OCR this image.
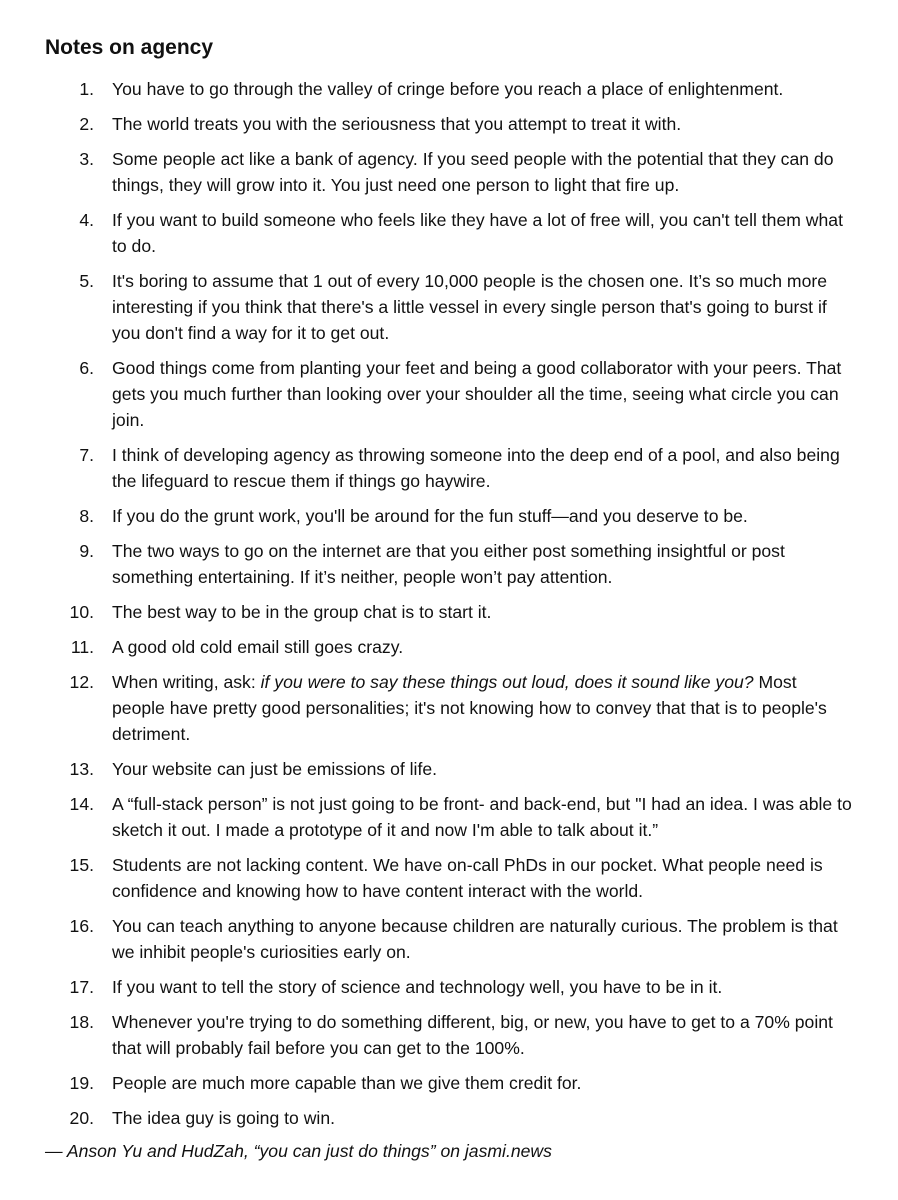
Notes on agency
1. You have to go through the valley of cringe before you reach a place of enlightenment.
2. The world treats you with the seriousness that you attempt to treat it with.
3. Some people act like a bank of agency. If you seed people with the potential that they can do things, they will grow into it. You just need one person to light that fire up.
4. If you want to build someone who feels like they have a lot of free will, you can't tell them what to do.
5. It's boring to assume that 1 out of every 10,000 people is the chosen one. It’s so much more interesting if you think that there's a little vessel in every single person that's going to burst if you don't find a way for it to get out.
6. Good things come from planting your feet and being a good collaborator with your peers. That gets you much further than looking over your shoulder all the time, seeing what circle you can join.
7. I think of developing agency as throwing someone into the deep end of a pool, and also being the lifeguard to rescue them if things go haywire.
8. If you do the grunt work, you'll be around for the fun stuff—and you deserve to be.
9. The two ways to go on the internet are that you either post something insightful or post something entertaining. If it’s neither, people won’t pay attention.
10. The best way to be in the group chat is to start it.
11. A good old cold email still goes crazy.
12. When writing, ask: if you were to say these things out loud, does it sound like you? Most people have pretty good personalities; it's not knowing how to convey that that is to people's detriment.
13. Your website can just be emissions of life.
14. A “full-stack person” is not just going to be front- and back-end, but "I had an idea. I was able to sketch it out. I made a prototype of it and now I'm able to talk about it.”
15. Students are not lacking content. We have on-call PhDs in our pocket. What people need is confidence and knowing how to have content interact with the world.
16. You can teach anything to anyone because children are naturally curious. The problem is that we inhibit people's curiosities early on.
17. If you want to tell the story of science and technology well, you have to be in it.
18. Whenever you're trying to do something different, big, or new, you have to get to a 70% point that will probably fail before you can get to the 100%.
19. People are much more capable than we give them credit for.
20. The idea guy is going to win.
— Anson Yu and HudZah, “you can just do things” on jasmi.news
